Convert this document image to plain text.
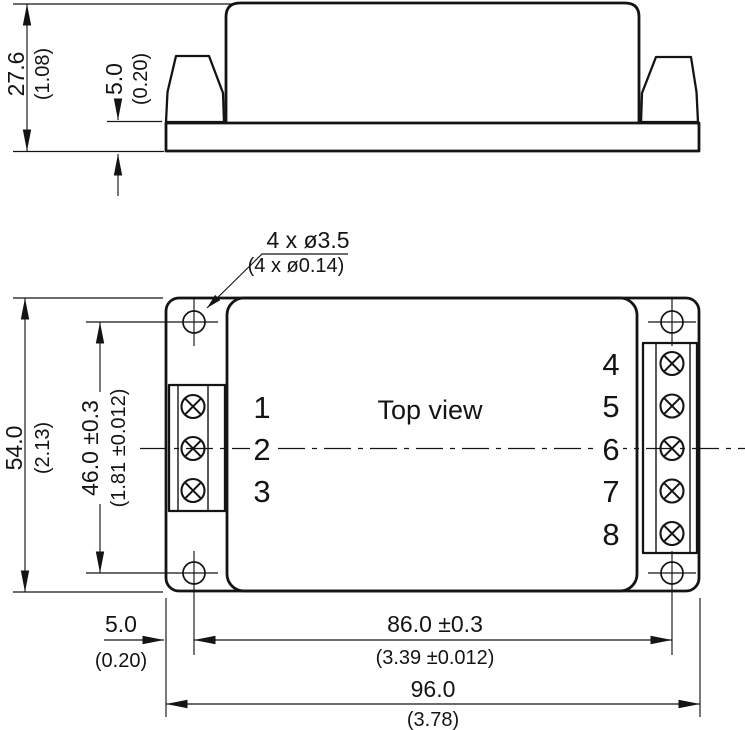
27.6 (1.08) 5.0 (0.20)
1
2
3
4
5
6
7
8
Top view
4 x ø3.5
(4 x ø0.14)
54.0 (2.13) 46.0 ±0.3 (1.81 ±0.012)
5.0
(0.20)
86.0 ±0.3
(3.39 ±0.012)
96.0
(3.78)
